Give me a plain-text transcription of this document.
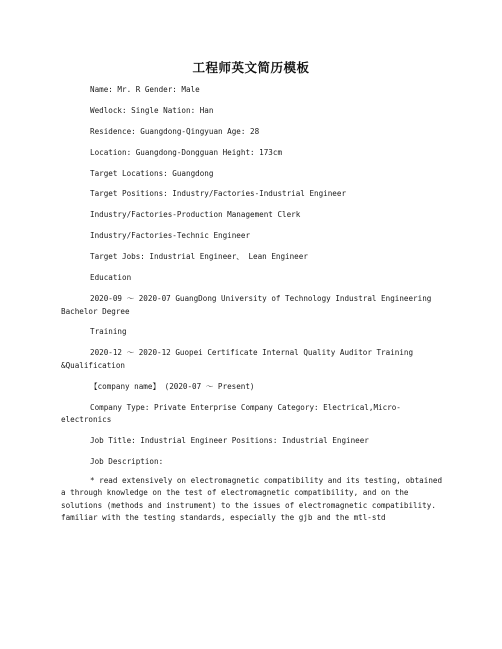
工程师英文简历模板

Name: Mr. R Gender: Male

Wedlock: Single Nation: Han

Residence: Guangdong-Qingyuan Age: 28

Location: Guangdong-Dongguan Height: 173cm

Target Locations: Guangdong

Target Positions: Industry/Factories-Industrial Engineer

Industry/Factories-Production Management Clerk

Industry/Factories-Technic Engineer

Target Jobs: Industrial Engineer、 Lean Engineer

Education

2020-09 ～ 2020-07 GuangDong University of Technology Industral Engineering Bachelor Degree

Training

2020-12 ～ 2020-12 Guopei Certificate Internal Quality Auditor Training &Qualification

【company name】 (2020-07 ～ Present)

Company Type: Private Enterprise Company Category: Electrical,Micro-electronics

Job Title: Industrial Engineer Positions: Industrial Engineer

Job Description:

* read extensively on electromagnetic compatibility and its testing, obtained a through knowledge on the test of electromagnetic compatibility, and on the solutions (methods and instrument) to the issues of electromagnetic compatibility. familiar with the testing standards, especially the gjb and the mtl-std
